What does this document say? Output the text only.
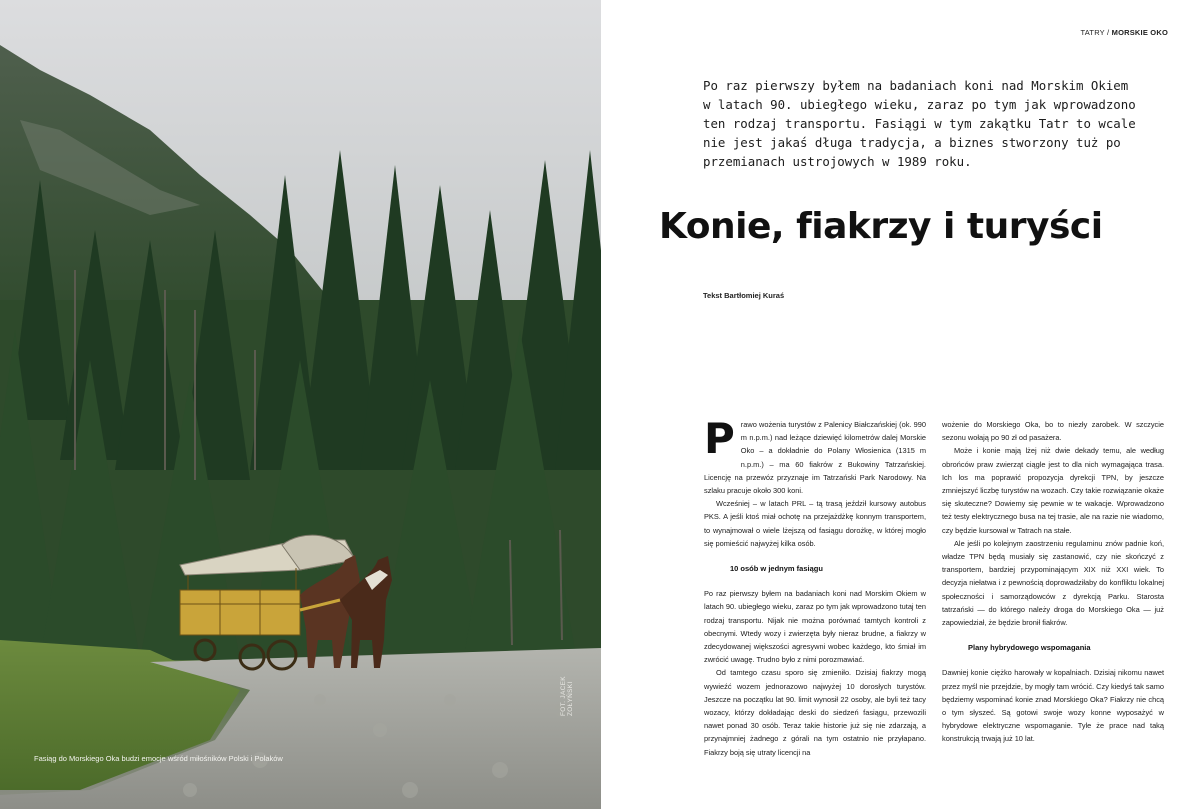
Fasiąg do Morskiego Oka budzi emocje wśród miłośników Polski i Polaków
FOT. JACEK ZOŁYŃSKI
TATRY / MORSKIE OKO

Po raz pierwszy byłem na badaniach koni nad Morskim Okiem w latach 90. ubiegłego wieku, zaraz po tym jak wprowadzono ten rodzaj transportu. Fasiągi w tym zakątku Tatr to wcale nie jest jakaś długa tradycja, a biznes stworzony tuż po przemianach ustrojowych w 1989 roku.

Konie, fiakrzy i turyści
Tekst Bartłomiej Kuraś

Prawo wożenia turystów z Palenicy Białczańskiej (ok. 990 m n.p.m.) nad leżące dziewięć kilometrów dalej Morskie Oko – a dokładnie do Polany Włosienica (1315 m n.p.m.) – ma 60 fiakrów z Bukowiny Tatrzańskiej. Licencję na przewóz przyznaje im Tatrzański Park Narodowy. Na szlaku pracuje około 300 koni.

Wcześniej – w latach PRL – tą trasą jeździł kursowy autobus PKS. A jeśli ktoś miał ochotę na przejażdżkę konnym transportem, to wynajmował o wiele lżejszą od fasiągu dorożkę, w której mogło się pomieścić najwyżej kilka osób.

10 osób w jednym fasiągu

Po raz pierwszy byłem na badaniach koni nad Morskim Okiem w latach 90. ubiegłego wieku, zaraz po tym jak wprowadzono tutaj ten rodzaj transportu. Nijak nie można porównać tamtych kontroli z obecnymi. Wtedy wozy i zwierzęta były nieraz brudne, a fiakrzy w zdecydowanej większości agresywni wobec każdego, kto śmiał im zwrócić uwagę. Trudno było z nimi porozmawiać.

Od tamtego czasu sporo się zmieniło. Dzisiaj fiakrzy mogą wywieźć wozem jednorazowo najwyżej 10 dorosłych turystów. Jeszcze na początku lat 90. limit wynosił 22 osoby, ale byli też tacy wozacy, którzy dokładając deski do siedzeń fasiągu, przewozili nawet ponad 30 osób. Teraz takie historie już się nie zdarzają, a przynajmniej żadnego z górali na tym ostatnio nie przyłapano. Fiakrzy boją się utraty licencji na

wożenie do Morskiego Oka, bo to niezły zarobek. W szczycie sezonu wołają po 90 zł od pasażera.

Może i konie mają lżej niż dwie dekady temu, ale według obrońców praw zwierząt ciągle jest to dla nich wymagająca trasa. Ich los ma poprawić propozycja dyrekcji TPN, by jeszcze zmniejszyć liczbę turystów na wozach. Czy takie rozwiązanie okaże się skuteczne? Dowiemy się pewnie w te wakacje. Wprowadzono też testy elektrycznego busa na tej trasie, ale na razie nie wiadomo, czy będzie kursował w Tatrach na stałe.

Ale jeśli po kolejnym zaostrzeniu regulaminu znów padnie koń, władze TPN będą musiały się zastanowić, czy nie skończyć z transportem, bardziej przypominającym XIX niż XXI wiek. To decyzja niełatwa i z pewnością doprowadziłaby do konfliktu lokalnej społeczności i samorządowców z dyrekcją Parku. Starosta tatrzański — do którego należy droga do Morskiego Oka — już zapowiedział, że będzie bronił fiakrów.

Plany hybrydowego wspomagania

Dawniej konie ciężko harowały w kopalniach. Dzisiaj nikomu nawet przez myśl nie przejdzie, by mogły tam wrócić. Czy kiedyś tak samo będziemy wspominać konie znad Morskiego Oka? Fiakrzy nie chcą o tym słyszeć. Są gotowi swoje wozy konne wyposażyć w hybrydowe elektryczne wspomaganie. Tyle że prace nad taką konstrukcją trwają już 10 lat.
